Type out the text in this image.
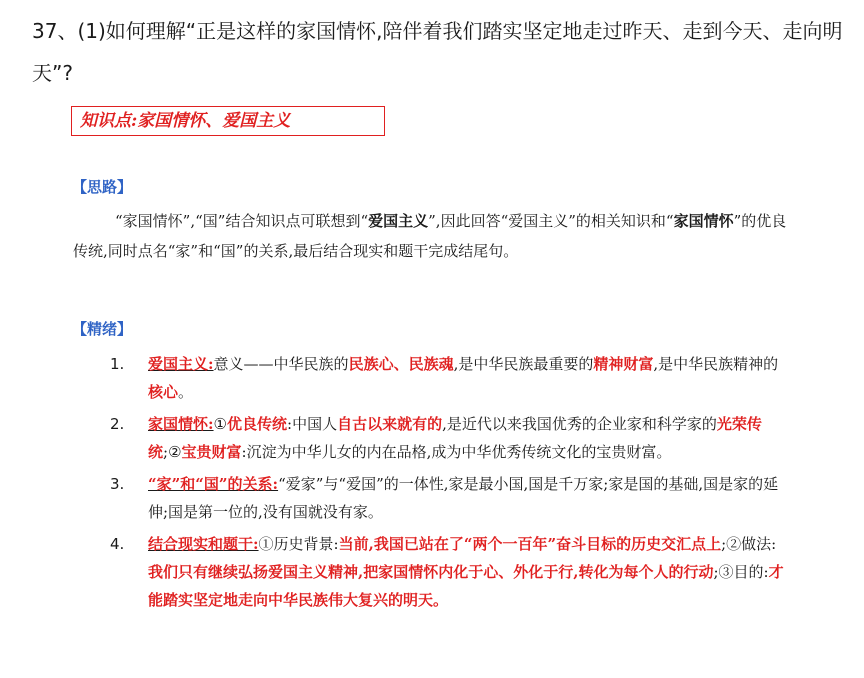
37、(1)如何理解“正是这样的家国情怀,陪伴着我们踏实坚定地走过昨天、走到今天、走向明天”?
知识点:家国情怀、爱国主义
【思路】
“家国情怀”,“国”结合知识点可联想到“爱国主义”,因此回答“爱国主义”的相关知识和“家国情怀”的优良传统,同时点名“家”和“国”的关系,最后结合现实和题干完成结尾句。
【精绪】
1. 爱国主义:意义——中华民族的民族心、民族魂,是中华民族最重要的精神财富,是中华民族精神的核心。
2. 家国情怀:①优良传统:中国人自古以来就有的,是近代以来我国优秀的企业家和科学家的光荣传统;②宝贵财富:沉淀为中华儿女的内在品格,成为中华优秀传统文化的宝贵财富。
3. “家”和“国”的关系:“爱家”与“爱国”的一体性,家是最小国,国是千万家;家是国的基础,国是家的延伸;国是第一位的,没有国就没有家。
4. 结合现实和题干:①历史背景:当前,我国已站在了“两个一百年”奋斗目标的历史交汇点上;②做法:我们只有继续弘扬爱国主义精神,把家国情怀内化于心、外化于行,转化为每个人的行动;③目的:才能踏实坚定地走向中华民族伟大复兴的明天。
